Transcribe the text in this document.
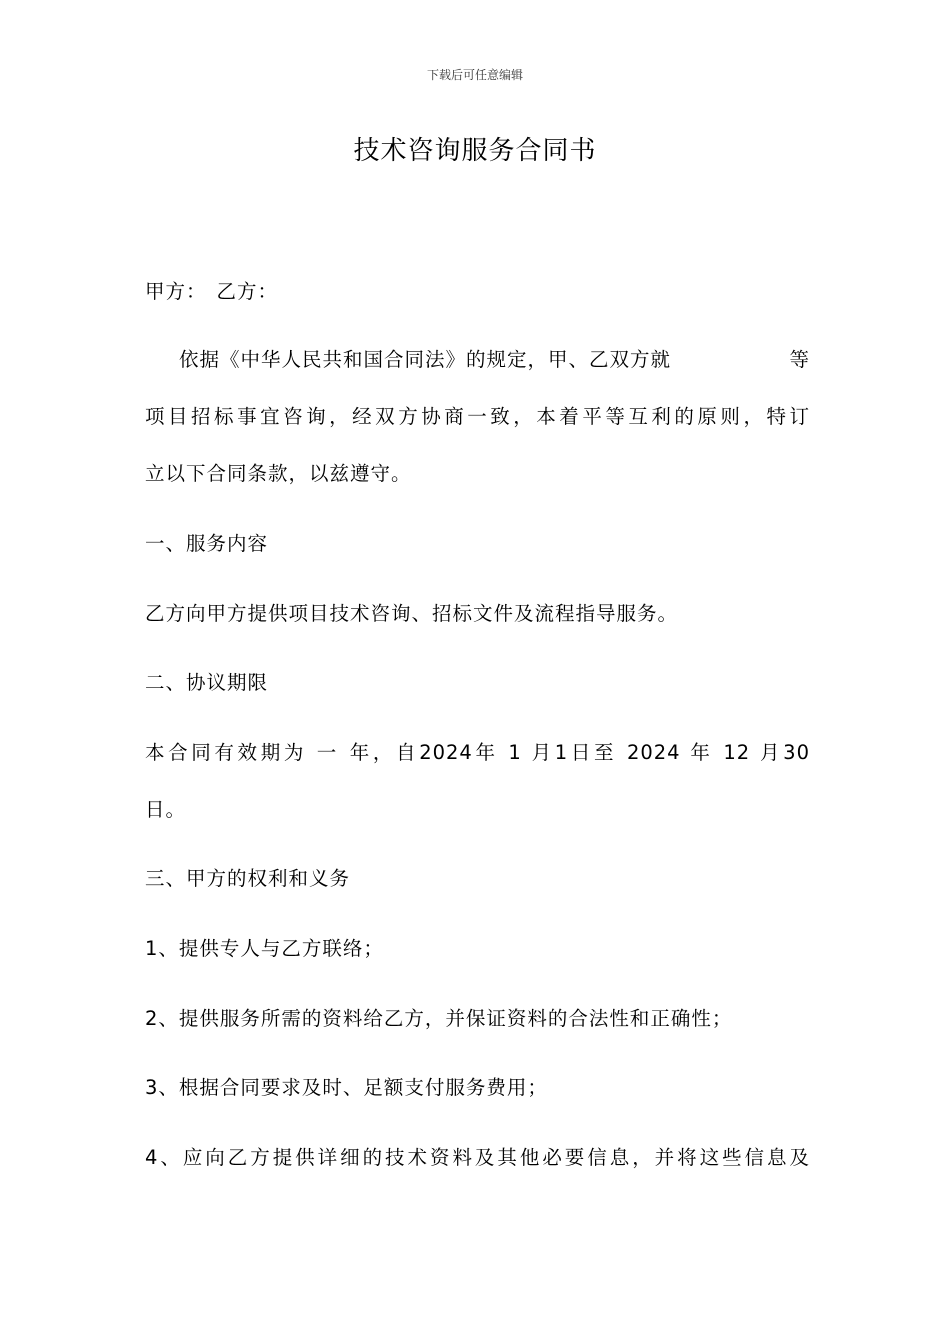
下载后可任意编辑
技术咨询服务合同书
甲方： 乙方：
依据《中华人民共和国合同法》的规定，甲、乙双方就	等
项目招标事宜咨询，经双方协商一致，本着平等互利的原则，特订
立以下合同条款，以兹遵守。
一、服务内容
乙方向甲方提供项目技术咨询、招标文件及流程指导服务。
二、协议期限
本合同有效期为 一 年，自2024年 1 月1日至 2024 年 12 月30
日。
三、甲方的权利和义务
1、提供专人与乙方联络；
2、提供服务所需的资料给乙方，并保证资料的合法性和正确性；
3、根据合同要求及时、足额支付服务费用；
4、应向乙方提供详细的技术资料及其他必要信息，并将这些信息及
